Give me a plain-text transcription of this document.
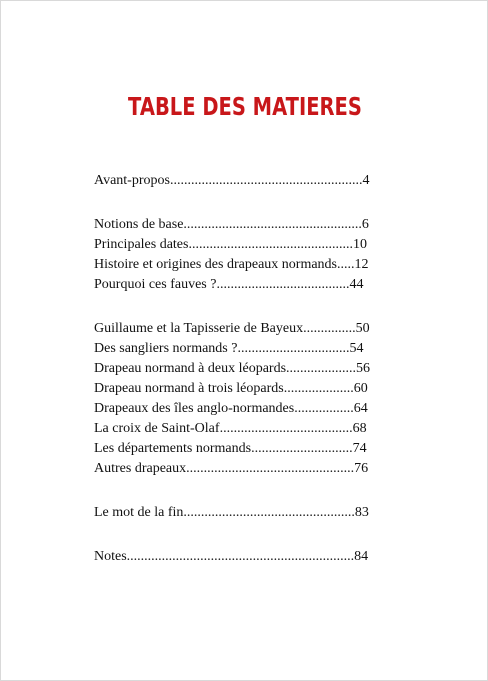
TABLE DES MATIERES
Avant-propos.......................................................4
Notions de base...................................................6
Principales dates...............................................10
Histoire et origines des drapeaux normands.....12
Pourquoi ces fauves ?......................................44
Guillaume et la Tapisserie de Bayeux...............50
Des sangliers normands ?................................54
Drapeau normand à deux léopards....................56
Drapeau normand à trois léopards....................60
Drapeaux des îles anglo-normandes.................64
La croix de Saint-Olaf......................................68
Les départements normands.............................74
Autres drapeaux................................................76
Le mot de la fin.................................................83
Notes.................................................................84
